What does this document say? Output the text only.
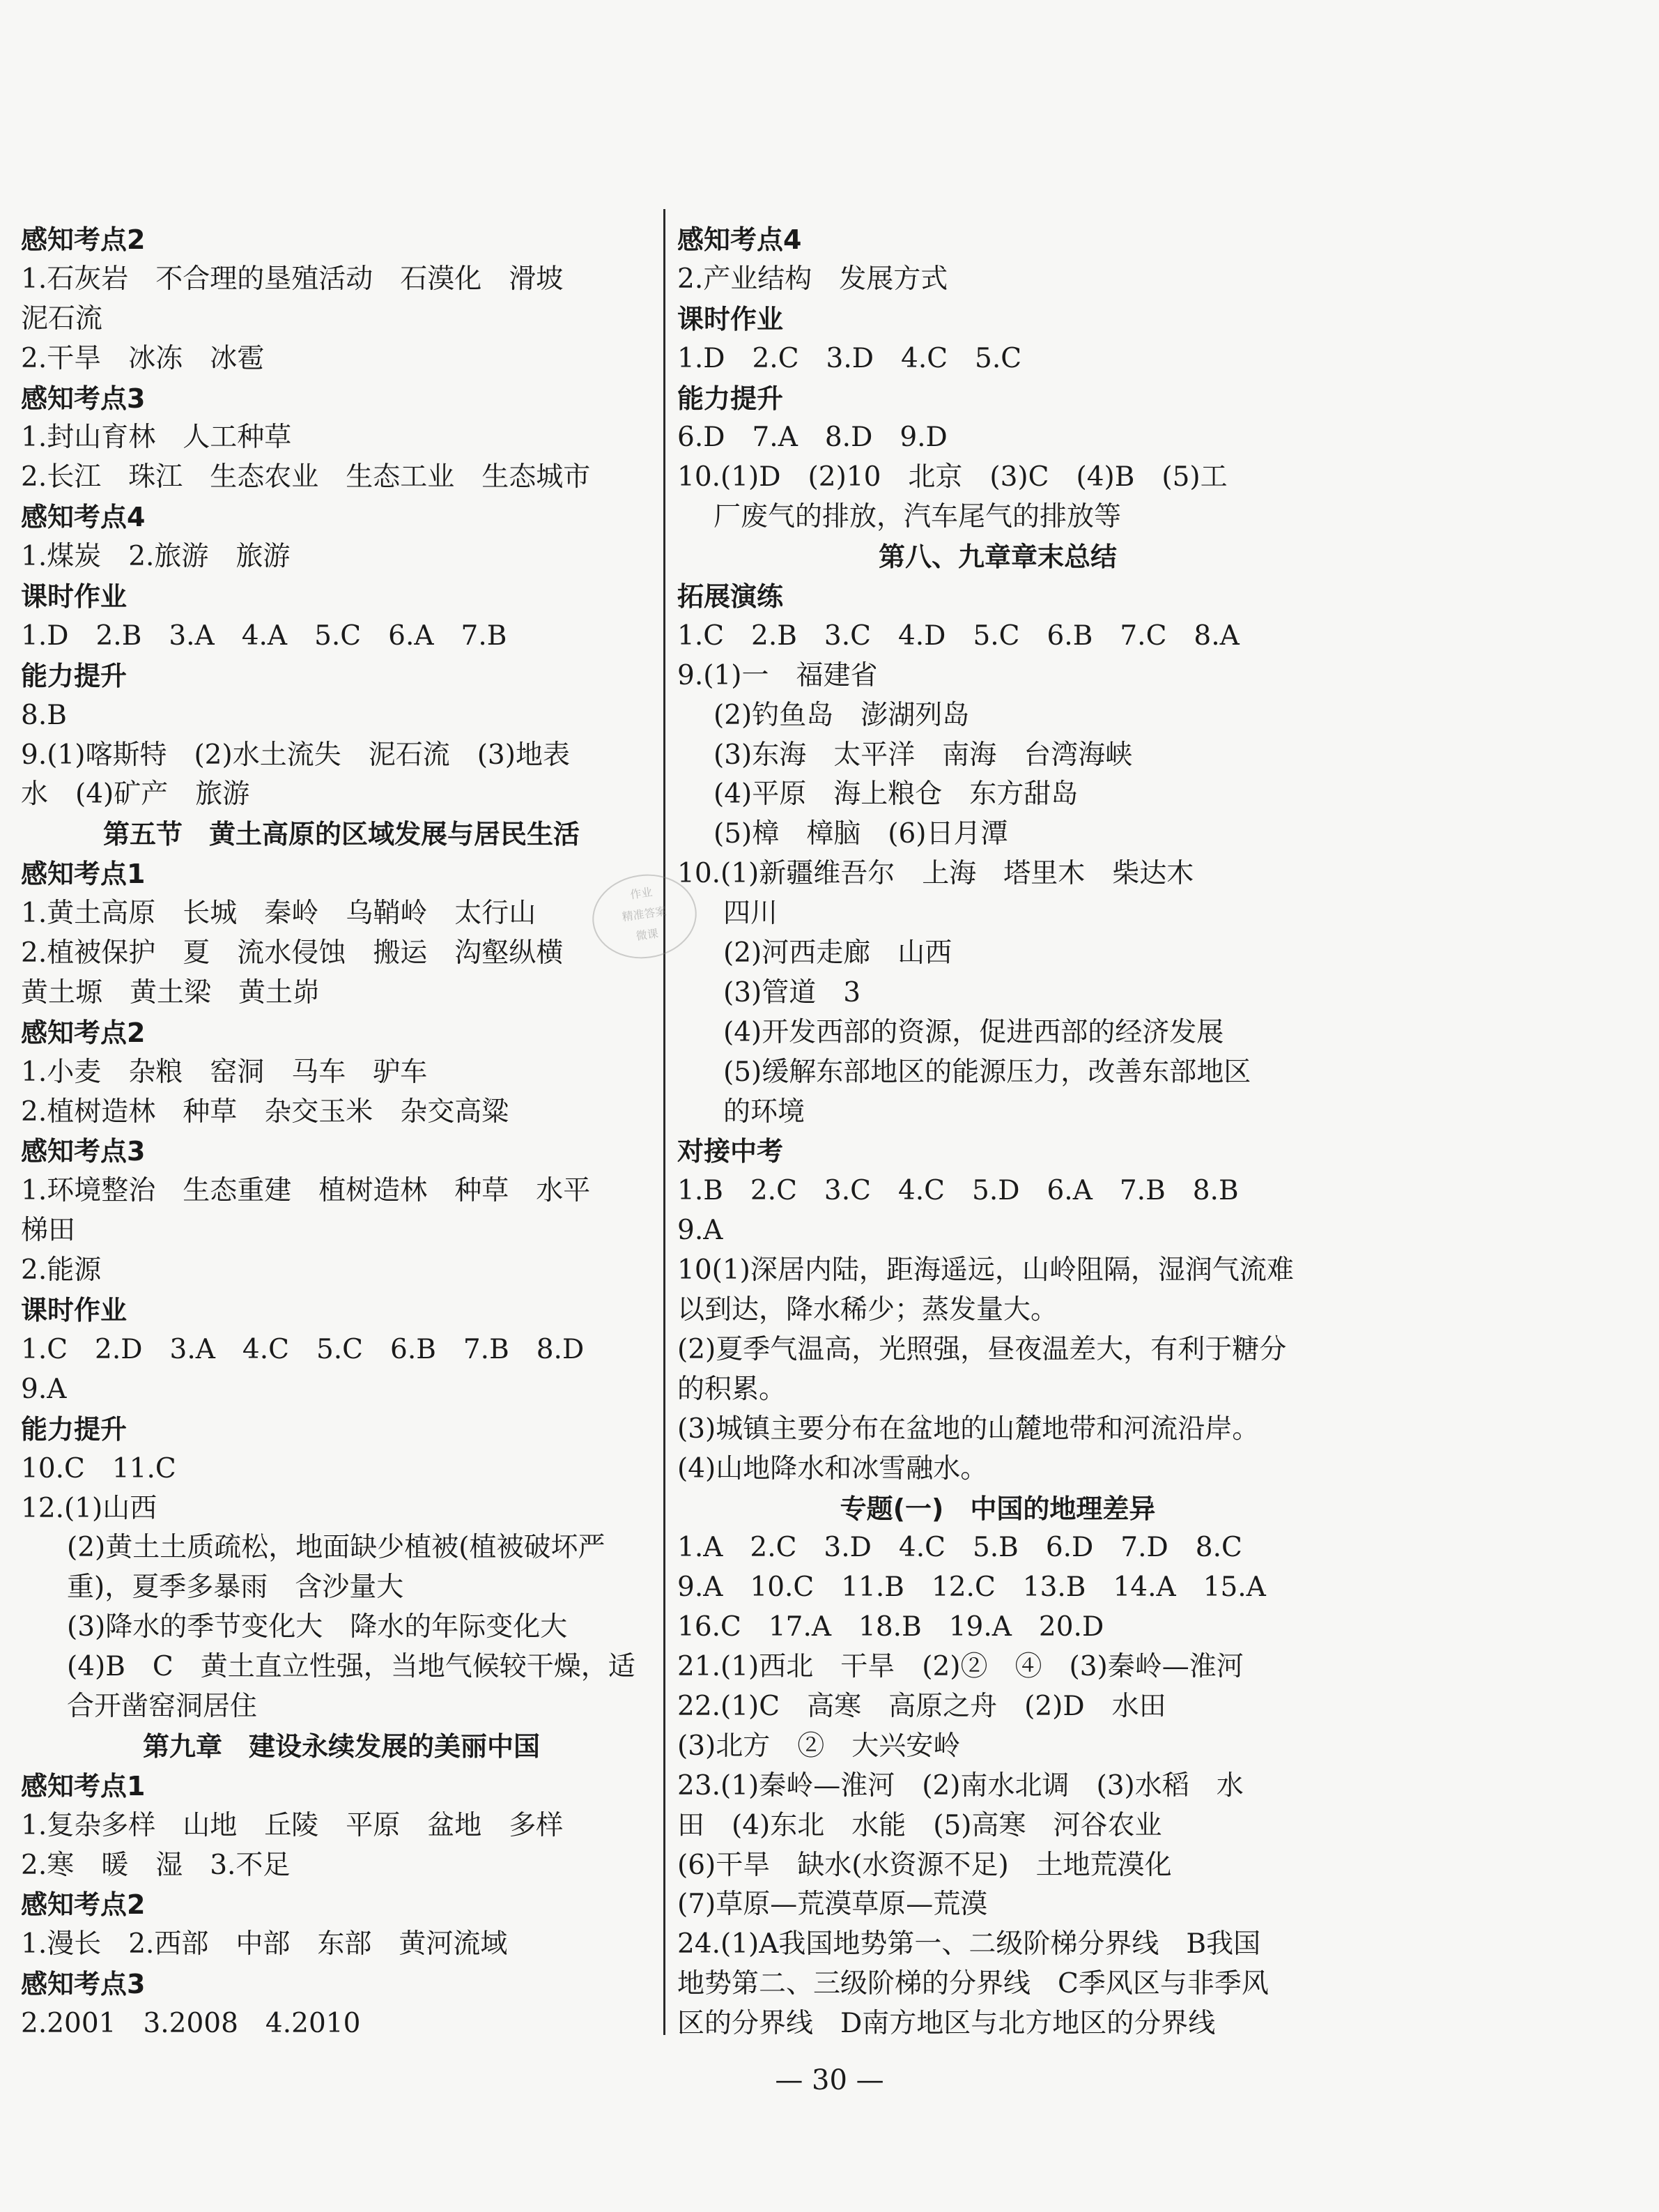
感知考点2
1.石灰岩　不合理的垦殖活动　石漠化　滑坡
泥石流
2.干旱　冰冻　冰雹
感知考点3
1.封山育林　人工种草
2.长江　珠江　生态农业　生态工业　生态城市
感知考点4
1.煤炭　2.旅游　旅游
课时作业
1.D　2.B　3.A　4.A　5.C　6.A　7.B
能力提升
8.B
9.(1)喀斯特　(2)水土流失　泥石流　(3)地表
水　(4)矿产　旅游
第五节　黄土高原的区域发展与居民生活
感知考点1
1.黄土高原　长城　秦岭　乌鞘岭　太行山
2.植被保护　夏　流水侵蚀　搬运　沟壑纵横
黄土塬　黄土梁　黄土峁
感知考点2
1.小麦　杂粮　窑洞　马车　驴车
2.植树造林　种草　杂交玉米　杂交高粱
感知考点3
1.环境整治　生态重建　植树造林　种草　水平
梯田
2.能源
课时作业
1.C　2.D　3.A　4.C　5.C　6.B　7.B　8.D
9.A
能力提升
10.C　11.C
12.(1)山西
(2)黄土土质疏松，地面缺少植被(植被破坏严
重)，夏季多暴雨　含沙量大
(3)降水的季节变化大　降水的年际变化大
(4)B　C　黄土直立性强，当地气候较干燥，适
合开凿窑洞居住
第九章　建设永续发展的美丽中国
感知考点1
1.复杂多样　山地　丘陵　平原　盆地　多样
2.寒　暖　湿　3.不足
感知考点2
1.漫长　2.西部　中部　东部　黄河流域
感知考点3
2.2001　3.2008　4.2010
感知考点4
2.产业结构　发展方式
课时作业
1.D　2.C　3.D　4.C　5.C
能力提升
6.D　7.A　8.D　9.D
10.(1)D　(2)10　北京　(3)C　(4)B　(5)工
厂废气的排放，汽车尾气的排放等
第八、九章章末总结
拓展演练
1.C　2.B　3.C　4.D　5.C　6.B　7.C　8.A
9.(1)一　福建省
(2)钓鱼岛　澎湖列岛
(3)东海　太平洋　南海　台湾海峡
(4)平原　海上粮仓　东方甜岛
(5)樟　樟脑　(6)日月潭
10.(1)新疆维吾尔　上海　塔里木　柴达木
四川
(2)河西走廊　山西
(3)管道　3
(4)开发西部的资源，促进西部的经济发展
(5)缓解东部地区的能源压力，改善东部地区
的环境
对接中考
1.B　2.C　3.C　4.C　5.D　6.A　7.B　8.B
9.A
10(1)深居内陆，距海遥远，山岭阻隔，湿润气流难
以到达，降水稀少；蒸发量大。
(2)夏季气温高，光照强，昼夜温差大，有利于糖分
的积累。
(3)城镇主要分布在盆地的山麓地带和河流沿岸。
(4)山地降水和冰雪融水。
专题(一)　中国的地理差异
1.A　2.C　3.D　4.C　5.B　6.D　7.D　8.C
9.A　10.C　11.B　12.C　13.B　14.A　15.A
16.C　17.A　18.B　19.A　20.D
21.(1)西北　干旱　(2)②　④　(3)秦岭—淮河
22.(1)C　高寒　高原之舟　(2)D　水田
(3)北方　②　大兴安岭
23.(1)秦岭—淮河　(2)南水北调　(3)水稻　水
田　(4)东北　水能　(5)高寒　河谷农业
(6)干旱　缺水(水资源不足)　土地荒漠化
(7)草原—荒漠草原—荒漠
24.(1)A我国地势第一、二级阶梯分界线　B我国
地势第二、三级阶梯的分界线　C季风区与非季风
区的分界线　D南方地区与北方地区的分界线
作业
精准答案
微课
— 30 —
